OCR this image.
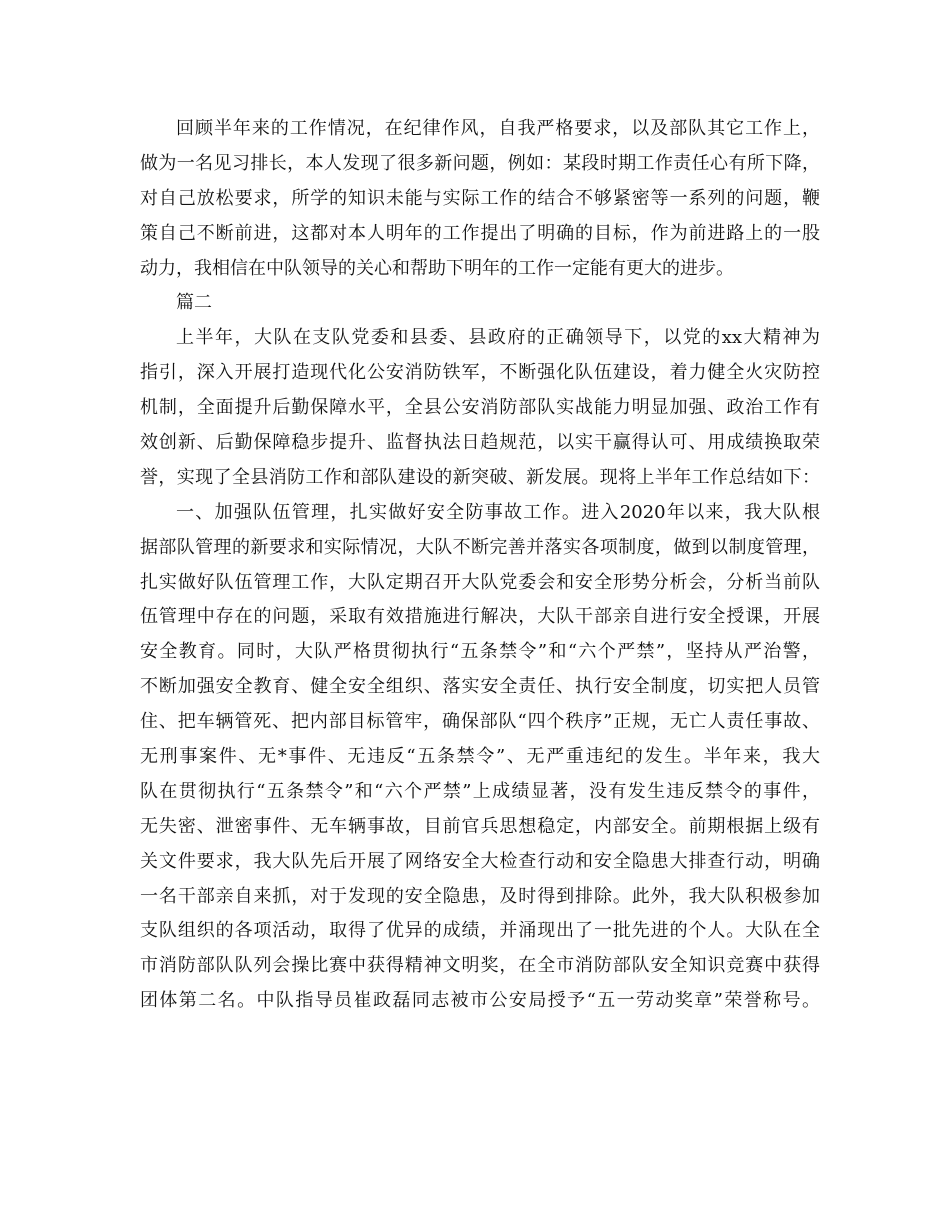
回顾半年来的工作情况，在纪律作风，自我严格要求，以及部队其它工作上，
做为一名见习排长，本人发现了很多新问题，例如：某段时期工作责任心有所下降，
对自己放松要求，所学的知识未能与实际工作的结合不够紧密等一系列的问题，鞭
策自己不断前进，这都对本人明年的工作提出了明确的目标，作为前进路上的一股
动力，我相信在中队领导的关心和帮助下明年的工作一定能有更大的进步。
篇二
上半年，大队在支队党委和县委、县政府的正确领导下，以党的xx大精神为
指引，深入开展打造现代化公安消防铁军，不断强化队伍建设，着力健全火灾防控
机制，全面提升后勤保障水平，全县公安消防部队实战能力明显加强、政治工作有
效创新、后勤保障稳步提升、监督执法日趋规范，以实干赢得认可、用成绩换取荣
誉，实现了全县消防工作和部队建设的新突破、新发展。现将上半年工作总结如下：
一、加强队伍管理，扎实做好安全防事故工作。进入2020年以来，我大队根
据部队管理的新要求和实际情况，大队不断完善并落实各项制度，做到以制度管理，
扎实做好队伍管理工作，大队定期召开大队党委会和安全形势分析会，分析当前队
伍管理中存在的问题，采取有效措施进行解决，大队干部亲自进行安全授课，开展
安全教育。同时，大队严格贯彻执行“五条禁令”和“六个严禁”，坚持从严治警，
不断加强安全教育、健全安全组织、落实安全责任、执行安全制度，切实把人员管
住、把车辆管死、把内部目标管牢，确保部队“四个秩序”正规，无亡人责任事故、
无刑事案件、无*事件、无违反“五条禁令”、无严重违纪的发生。半年来，我大
队在贯彻执行“五条禁令”和“六个严禁”上成绩显著，没有发生违反禁令的事件，
无失密、泄密事件、无车辆事故，目前官兵思想稳定，内部安全。前期根据上级有
关文件要求，我大队先后开展了网络安全大检查行动和安全隐患大排查行动，明确
一名干部亲自来抓，对于发现的安全隐患，及时得到排除。此外，我大队积极参加
支队组织的各项活动，取得了优异的成绩，并涌现出了一批先进的个人。大队在全
市消防部队队列会操比赛中获得精神文明奖，在全市消防部队安全知识竞赛中获得
团体第二名。中队指导员崔政磊同志被市公安局授予“五一劳动奖章”荣誉称号。
